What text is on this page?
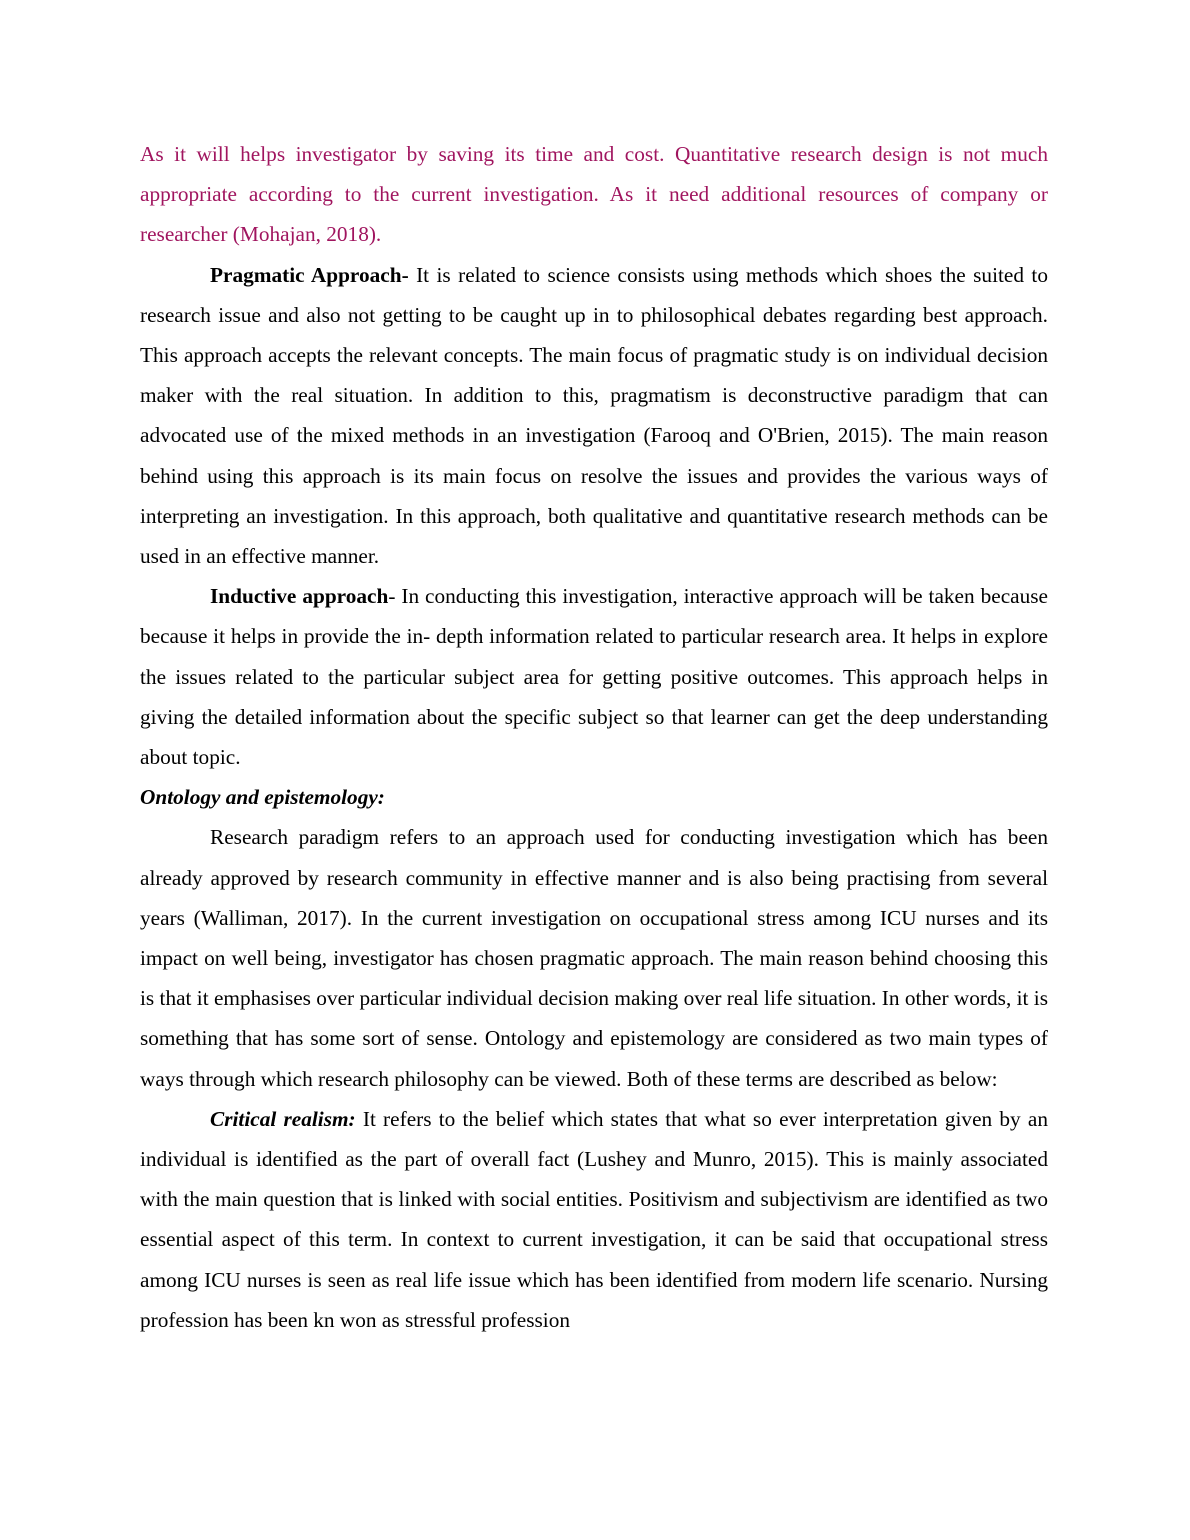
As it will helps investigator by saving its time and cost. Quantitative research design is not much appropriate according to the current investigation. As it need additional resources of company or researcher (Mohajan, 2018).

Pragmatic Approach- It is related to science consists using methods which shoes the suited to research issue and also not getting to be caught up in to philosophical debates regarding best approach. This approach accepts the relevant concepts. The main focus of pragmatic study is on individual decision maker with the real situation. In addition to this, pragmatism is deconstructive paradigm that can advocated use of the mixed methods in an investigation (Farooq and O'Brien, 2015). The main reason behind using this approach is its main focus on resolve the issues and provides the various ways of interpreting an investigation. In this approach, both qualitative and quantitative research methods can be used in an effective manner.

Inductive approach- In conducting this investigation, interactive approach will be taken because because it helps in provide the in- depth information related to particular research area. It helps in explore the issues related to the particular subject area for getting positive outcomes. This approach helps in giving the detailed information about the specific subject so that learner can get the deep understanding about topic.

Ontology and epistemology:

Research paradigm refers to an approach used for conducting investigation which has been already approved by research community in effective manner and is also being practising from several years (Walliman, 2017). In the current investigation on occupational stress among ICU nurses and its impact on well being, investigator has chosen pragmatic approach. The main reason behind choosing this is that it emphasises over particular individual decision making over real life situation. In other words, it is something that has some sort of sense. Ontology and epistemology are considered as two main types of ways through which research philosophy can be viewed. Both of these terms are described as below:

Critical realism: It refers to the belief which states that what so ever interpretation given by an individual is identified as the part of overall fact (Lushey and Munro, 2015). This is mainly associated with the main question that is linked with social entities. Positivism and subjectivism are identified as two essential aspect of this term. In context to current investigation, it can be said that occupational stress among ICU nurses is seen as real life issue which has been identified from modern life scenario. Nursing profession has been kn won as stressful profession
